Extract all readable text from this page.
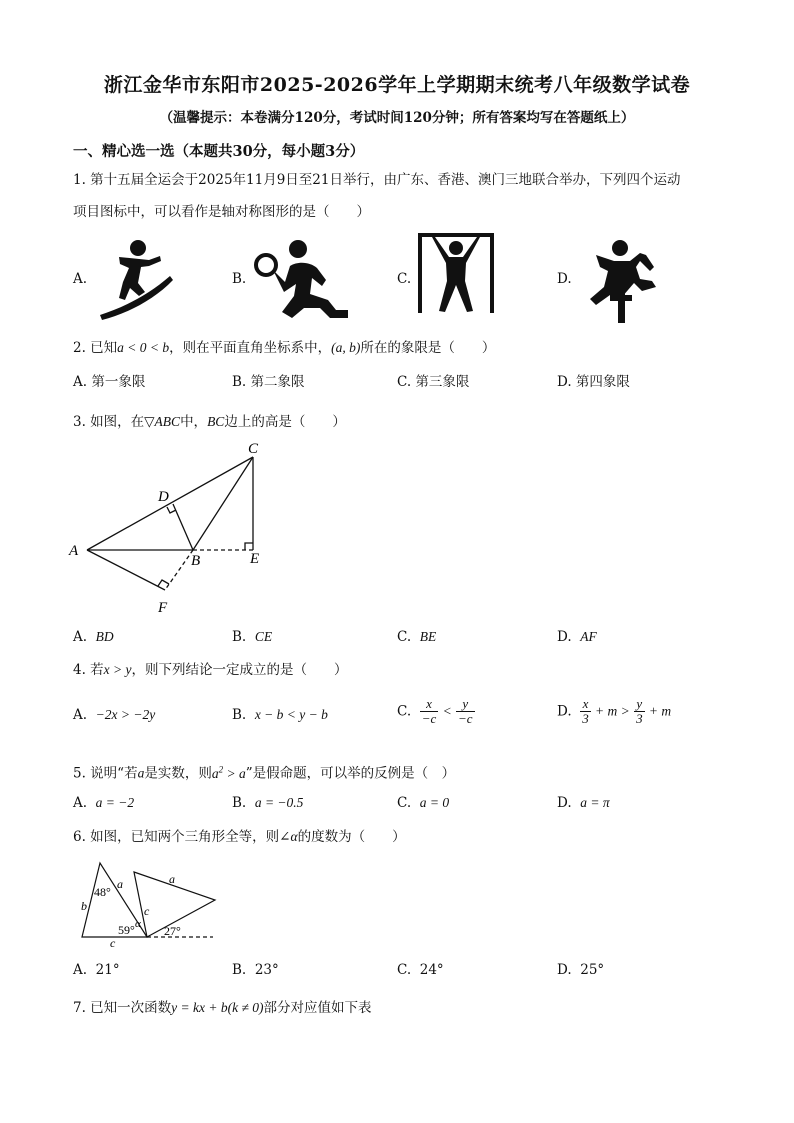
浙江金华市东阳市2025-2026学年上学期期末统考八年级数学试卷
（温馨提示：本卷满分120分，考试时间120分钟；所有答案均写在答题纸上）
一、精心选一选（本题共30分，每小题3分）
1. 第十五届全运会于2025年11月9日至21日举行，由广东、香港、澳门三地联合举办，下列四个运动
项目图标中，可以看作是轴对称图形的是（　　）
A.	B.	C.	D.
2. 已知a < 0 < b，则在平面直角坐标系中，(a, b)所在的象限是（　　）
A. 第一象限	B. 第二象限	C. 第三象限	D. 第四象限
3. 如图，在▽ABC中，BC边上的高是（　　）
A
B
C
D
E
F
A. BD	B. CE	C. BE	D. AF
4. 若x > y，则下列结论一定成立的是（　　）
A. −2x > −2y	B. x − b < y − b	C. $\frac{x}{-c} < \frac{y}{-c}$	D. $\frac{x}{3} + m > \frac{y}{3} + m$
5. 说明“若a是实数，则$a^2 > a$”是假命题，可以举的反例是（　）
A. a = −2	B. a = −0.5	C. a = 0	D. a = π
6. 如图，已知两个三角形全等，则∠α的度数为（　　）
48°
a
b	c
α
59°
c
a
27°
A. 21°	B. 23°	C. 24°	D. 25°
7. 已知一次函数y = kx + b(k ≠ 0)部分对应值如下表
